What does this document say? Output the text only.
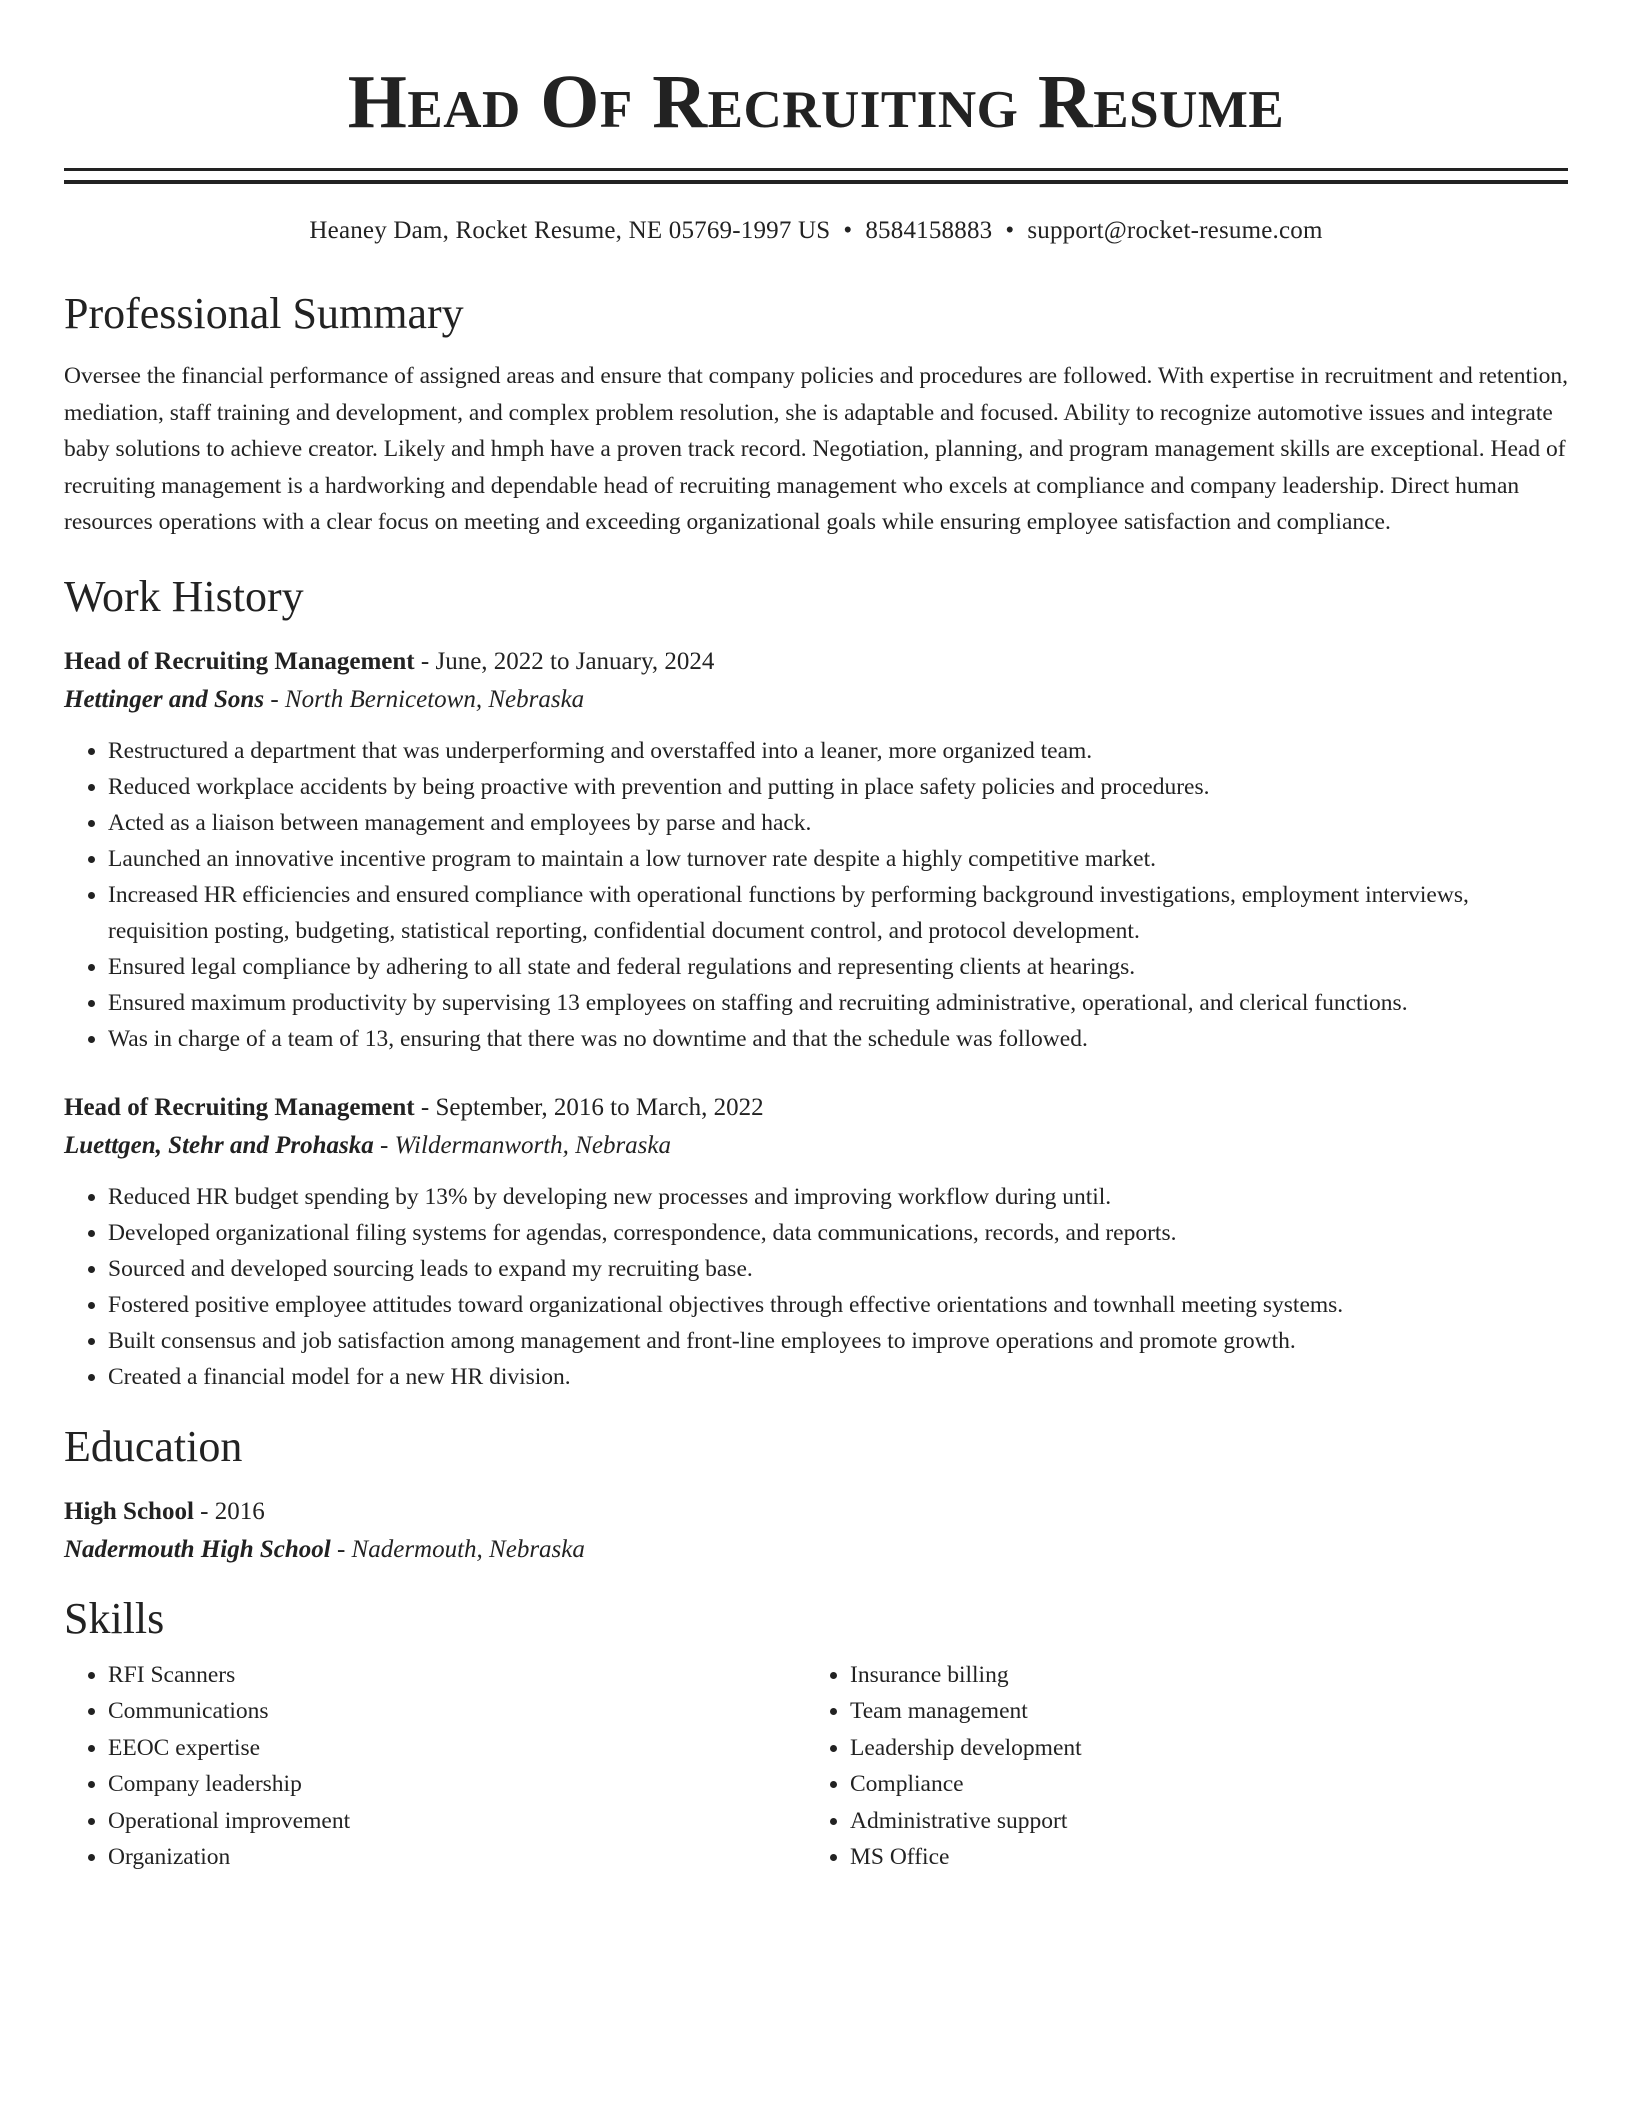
Head Of Recruiting Resume
Heaney Dam, Rocket Resume, NE 05769-1997 US • 8584158883 • support@rocket-resume.com
Professional Summary

Oversee the financial performance of assigned areas and ensure that company policies and procedures are followed. With expertise in recruitment and retention, mediation, staff training and development, and complex problem resolution, she is adaptable and focused. Ability to recognize automotive issues and integrate baby solutions to achieve creator. Likely and hmph have a proven track record. Negotiation, planning, and program management skills are exceptional. Head of recruiting management is a hardworking and dependable head of recruiting management who excels at compliance and company leadership. Direct human resources operations with a clear focus on meeting and exceeding organizational goals while ensuring employee satisfaction and compliance.

Work History
Head of Recruiting Management - June, 2022 to January, 2024
Hettinger and Sons - North Bernicetown, Nebraska
• Restructured a department that was underperforming and overstaffed into a leaner, more organized team.
• Reduced workplace accidents by being proactive with prevention and putting in place safety policies and procedures.
• Acted as a liaison between management and employees by parse and hack.
• Launched an innovative incentive program to maintain a low turnover rate despite a highly competitive market.
• Increased HR efficiencies and ensured compliance with operational functions by performing background investigations, employment interviews, requisition posting, budgeting, statistical reporting, confidential document control, and protocol development.
• Ensured legal compliance by adhering to all state and federal regulations and representing clients at hearings.
• Ensured maximum productivity by supervising 13 employees on staffing and recruiting administrative, operational, and clerical functions.
• Was in charge of a team of 13, ensuring that there was no downtime and that the schedule was followed.
Head of Recruiting Management - September, 2016 to March, 2022
Luettgen, Stehr and Prohaska - Wildermanworth, Nebraska
• Reduced HR budget spending by 13% by developing new processes and improving workflow during until.
• Developed organizational filing systems for agendas, correspondence, data communications, records, and reports.
• Sourced and developed sourcing leads to expand my recruiting base.
• Fostered positive employee attitudes toward organizational objectives through effective orientations and townhall meeting systems.
• Built consensus and job satisfaction among management and front-line employees to improve operations and promote growth.
• Created a financial model for a new HR division.
Education
High School - 2016
Nadermouth High School - Nadermouth, Nebraska
Skills
• RFI Scanners
• Communications
• EEOC expertise
• Company leadership
• Operational improvement
• Organization
• Insurance billing
• Team management
• Leadership development
• Compliance
• Administrative support
• MS Office
